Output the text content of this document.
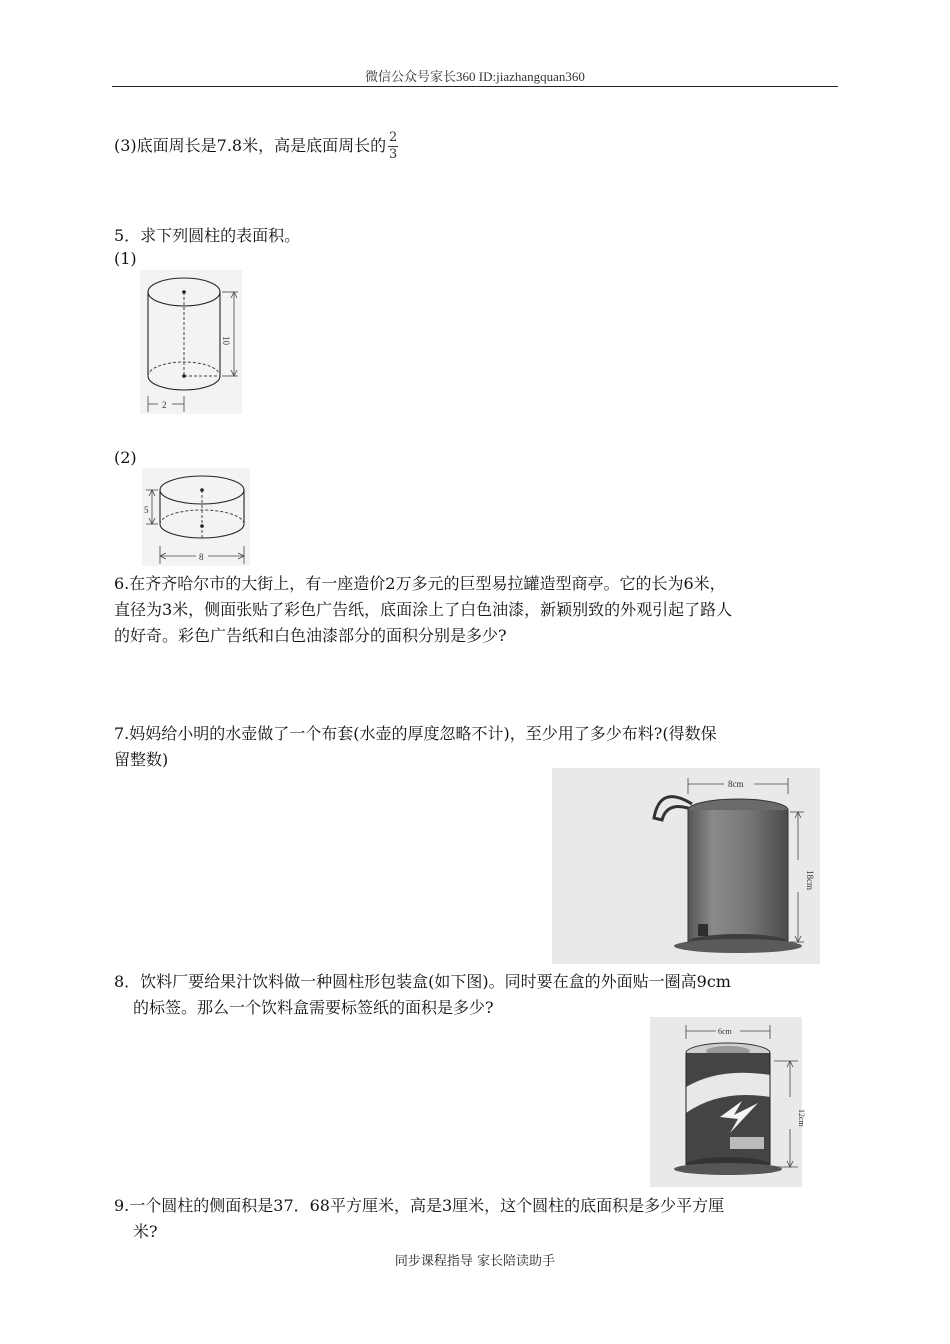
微信公众号家长360 ID:jiazhangquan360
(3)底面周长是7.8米，高是底面周长的 $\frac{2}{3}$
5．求下列圆柱的表面积。
(1)
10
2
(2)
5
8
6.在齐齐哈尔市的大街上，有一座造价2万多元的巨型易拉罐造型商亭。它的长为6米，
直径为3米，侧面张贴了彩色广告纸，底面涂上了白色油漆，新颖别致的外观引起了路人
的好奇。彩色广告纸和白色油漆部分的面积分别是多少?
7.妈妈给小明的水壶做了一个布套(水壶的厚度忽略不计)，至少用了多少布料?(得数保
留整数)
8cm
18cm
8．饮料厂要给果汁饮料做一种圆柱形包装盒(如下图)。同时要在盒的外面贴一圈高9cm
的标签。那么一个饮料盒需要标签纸的面积是多少?
6cm
12cm
9.一个圆柱的侧面积是37．68平方厘米，高是3厘米，这个圆柱的底面积是多少平方厘
米?
同步课程指导 家长陪读助手
